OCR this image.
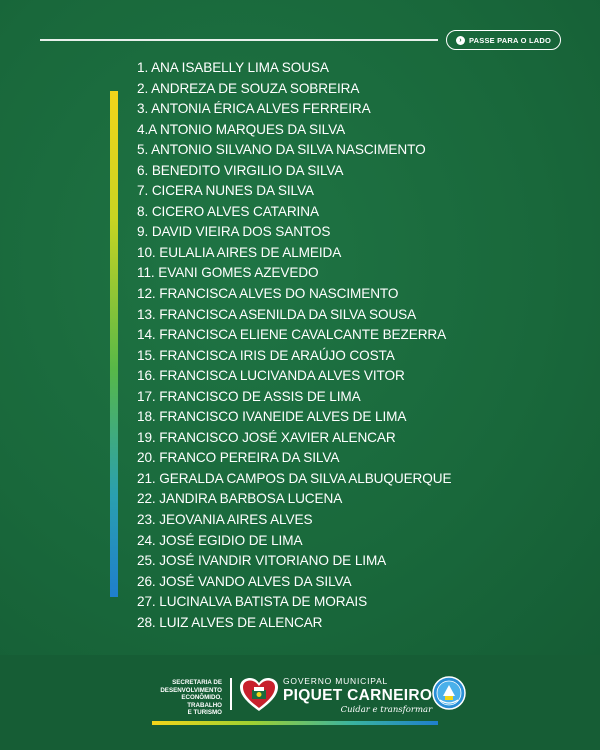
› PASSE PARA O LADO
1. ANA ISABELLY LIMA SOUSA
2. ANDREZA DE SOUZA SOBREIRA
3. ANTONIA ÉRICA ALVES FERREIRA
4.A NTONIO MARQUES DA SILVA
5. ANTONIO SILVANO DA SILVA NASCIMENTO
6. BENEDITO VIRGILIO DA SILVA
7. CICERA NUNES DA SILVA
8. CICERO ALVES CATARINA
9. DAVID VIEIRA DOS SANTOS
10. EULALIA AIRES DE ALMEIDA
11. EVANI GOMES AZEVEDO
12. FRANCISCA ALVES DO NASCIMENTO
13. FRANCISCA ASENILDA DA SILVA SOUSA
14. FRANCISCA ELIENE CAVALCANTE BEZERRA
15. FRANCISCA IRIS DE ARAÚJO COSTA
16. FRANCISCA LUCIVANDA ALVES VITOR
17. FRANCISCO DE ASSIS DE LIMA
18. FRANCISCO IVANEIDE ALVES DE LIMA
19. FRANCISCO JOSÉ XAVIER ALENCAR
20. FRANCO PEREIRA DA SILVA
21. GERALDA CAMPOS DA SILVA ALBUQUERQUE
22. JANDIRA BARBOSA LUCENA
23. JEOVANIA AIRES ALVES
24. JOSÉ EGIDIO DE LIMA
25. JOSÉ IVANDIR VITORIANO DE LIMA
26. JOSÉ VANDO ALVES DA SILVA
27. LUCINALVA BATISTA DE MORAIS
28. LUIZ ALVES DE ALENCAR
SECRETARIA DE
DESENVOLVIMENTO
ECONÔMIDO, TRABALHO
E TURISMO
GOVERNO MUNICIPAL
PIQUET CARNEIRO
Cuidar e transformar
